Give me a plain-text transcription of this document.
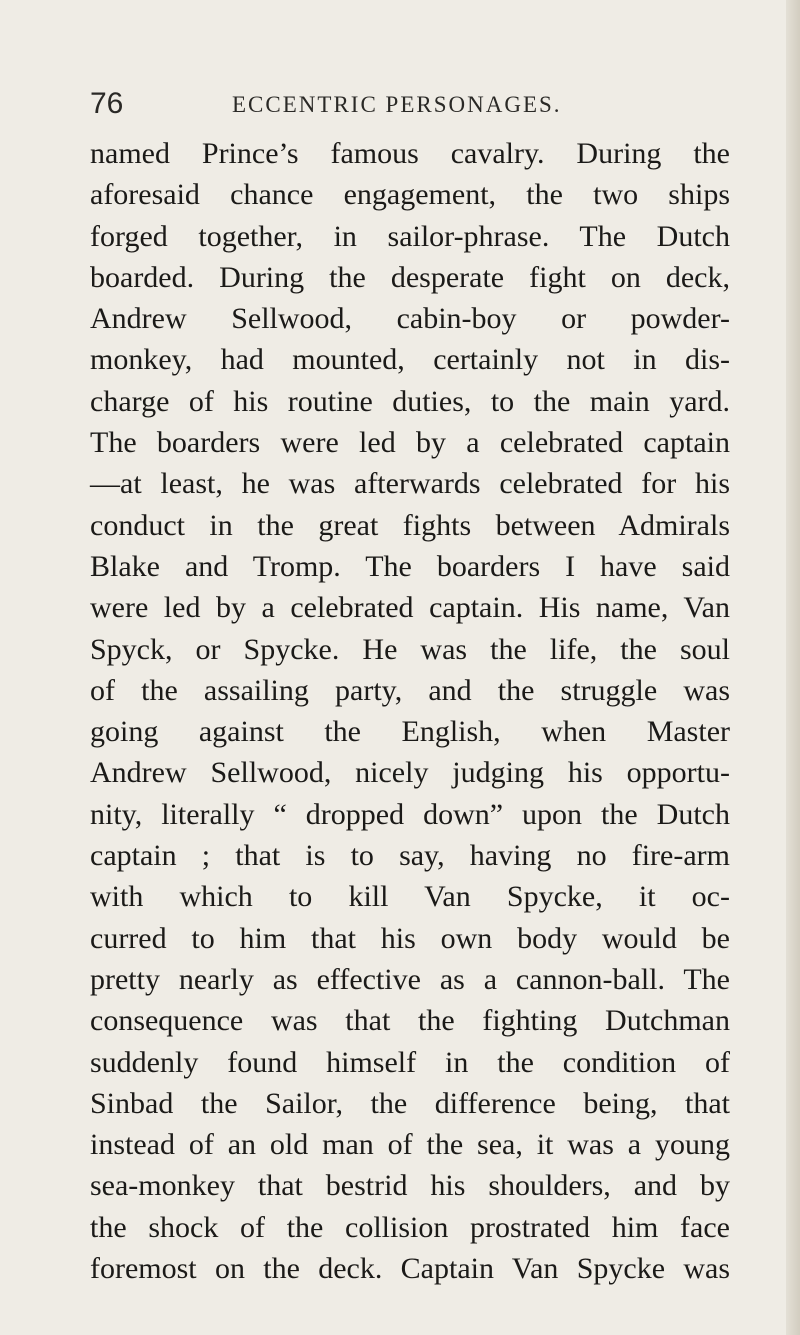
76	ECCENTRIC PERSONAGES.
named Prince’s famous cavalry. During the
aforesaid chance engagement, the two ships
forged together, in sailor-phrase. The Dutch
boarded. During the desperate fight on deck,
Andrew Sellwood, cabin-boy or powder-
monkey, had mounted, certainly not in dis-
charge of his routine duties, to the main yard.
The boarders were led by a celebrated captain
—at least, he was afterwards celebrated for his
conduct in the great fights between Admirals
Blake and Tromp. The boarders I have said
were led by a celebrated captain. His name, Van
Spyck, or Spycke. He was the life, the soul
of the assailing party, and the struggle was
going against the English, when Master
Andrew Sellwood, nicely judging his opportu-
nity, literally “ dropped down” upon the Dutch
captain ; that is to say, having no fire-arm
with which to kill Van Spycke, it oc-
curred to him that his own body would be
pretty nearly as effective as a cannon-ball. The
consequence was that the fighting Dutchman
suddenly found himself in the condition of
Sinbad the Sailor, the difference being, that
instead of an old man of the sea, it was a young
sea-monkey that bestrid his shoulders, and by
the shock of the collision prostrated him face
foremost on the deck. Captain Van Spycke was
